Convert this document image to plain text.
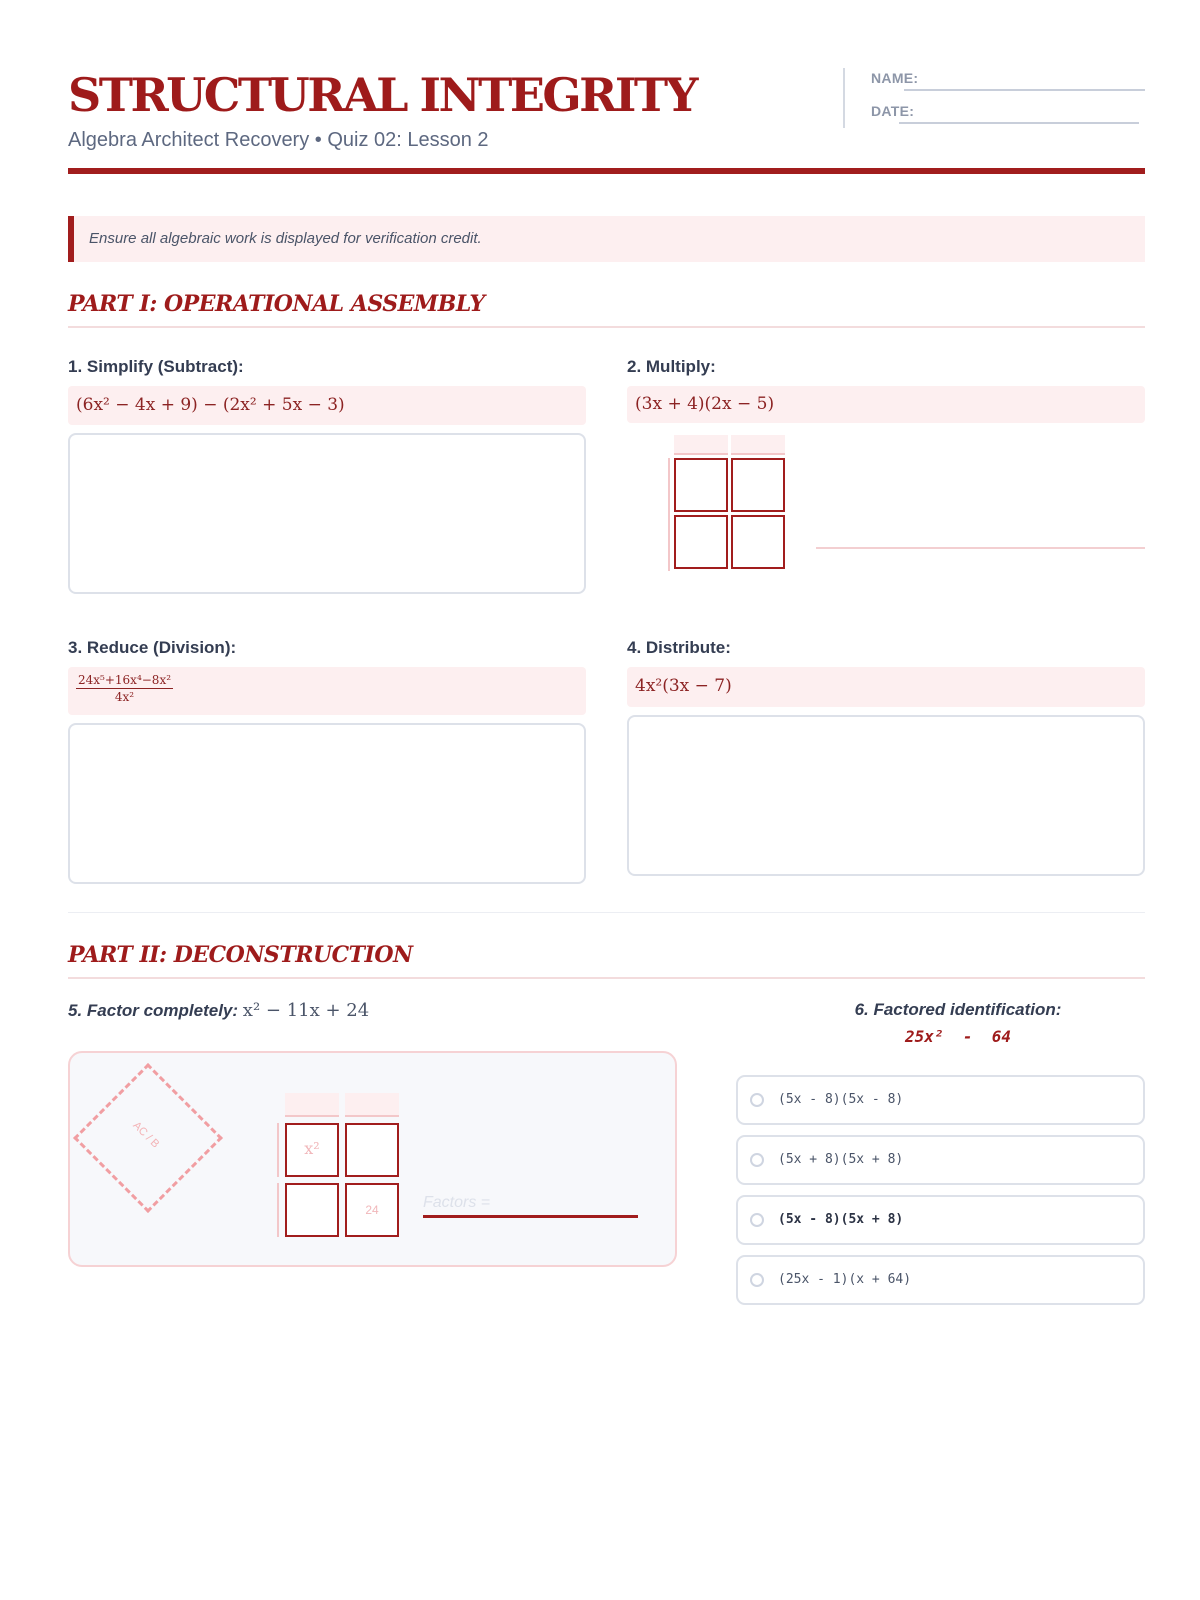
STRUCTURAL INTEGRITY
Algebra Architect Recovery • Quiz 02: Lesson 2
NAME:
DATE:
Ensure all algebraic work is displayed for verification credit.
PART I: OPERATIONAL ASSEMBLY
1. Simplify (Subtract):
(6x² − 4x + 9) − (2x² + 5x − 3)
2. Multiply:
(3x + 4)(2x − 5)
3. Reduce (Division):
$\frac{\text{24x⁵+16x⁴−8x²}}{\text{4x²}}$
4. Distribute:
4x²(3x − 7)
PART II: DECONSTRUCTION
5. Factor completely: x² − 11x + 24
AC / B	x²
24	Factors =
6. Factored identification:
25x²  -  64
(5x - 8)(5x - 8)
(5x + 8)(5x + 8)
(5x - 8)(5x + 8)
(25x - 1)(x + 64)
